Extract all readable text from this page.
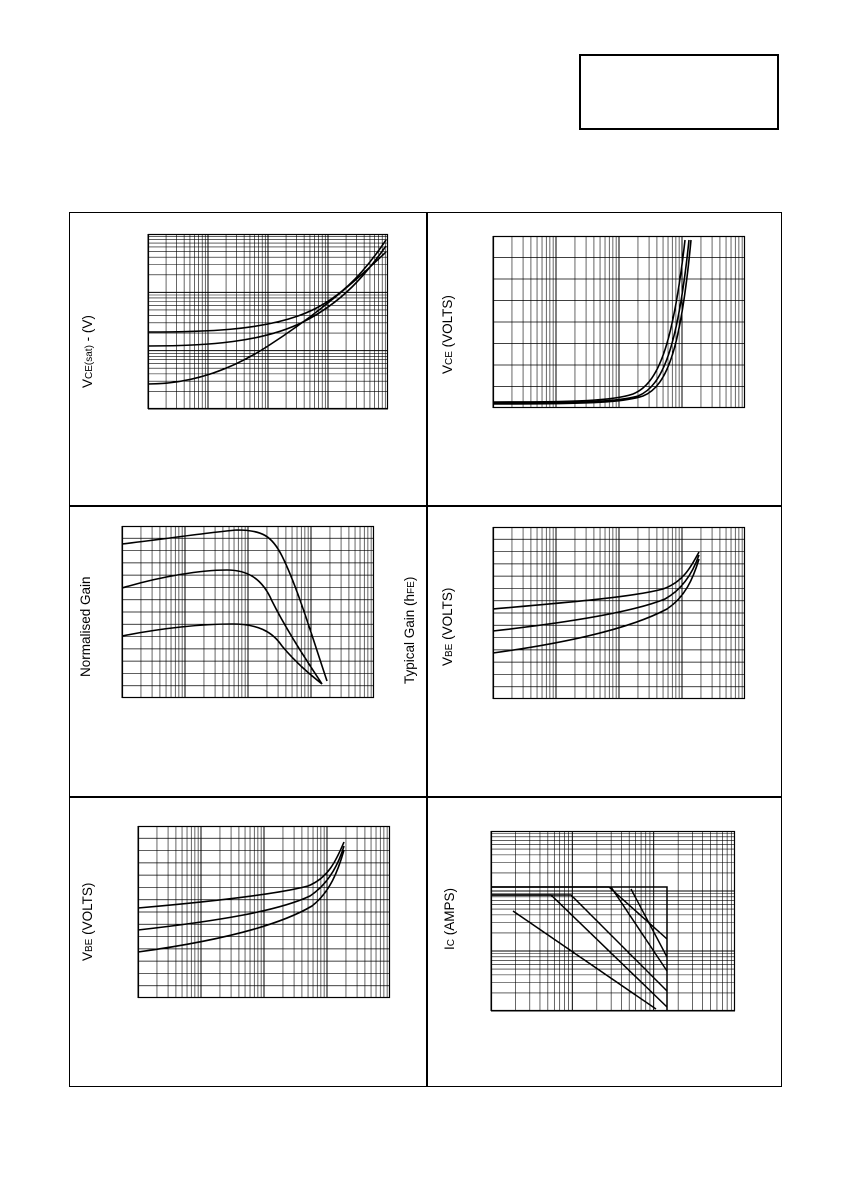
VCE(sat) - (V)
VCE (VOLTS)
Normalised Gain	Typical Gain (hFE)
VBE (VOLTS)
VBE (VOLTS)
IC (AMPS)
